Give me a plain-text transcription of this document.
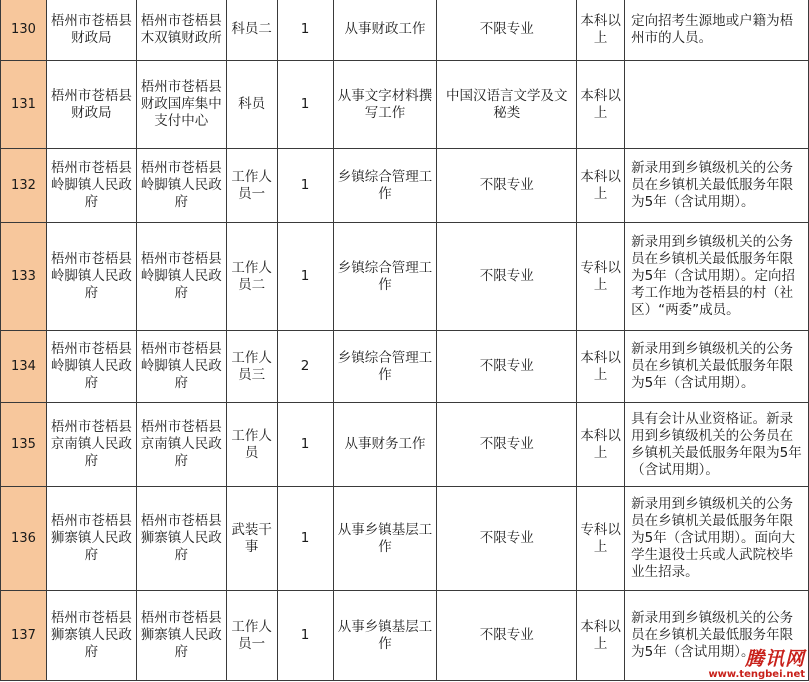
130	梧州市苍梧县财政局	梧州市苍梧县木双镇财政所	科员二	1	从事财政工作	不限专业	本科以上	定向招考生源地或户籍为梧州市的人员。
131	梧州市苍梧县财政局	梧州市苍梧县财政国库集中支付中心	科员	1	从事文字材料撰写工作	中国汉语言文学及文秘类	本科以上	
132	梧州市苍梧县岭脚镇人民政府	梧州市苍梧县岭脚镇人民政府	工作人员一	1	乡镇综合管理工作	不限专业	本科以上	新录用到乡镇级机关的公务员在乡镇机关最低服务年限为5年（含试用期）。
133	梧州市苍梧县岭脚镇人民政府	梧州市苍梧县岭脚镇人民政府	工作人员二	1	乡镇综合管理工作	不限专业	专科以上	新录用到乡镇级机关的公务员在乡镇机关最低服务年限为5年（含试用期）。定向招考工作地为苍梧县的村（社区）“两委”成员。
134	梧州市苍梧县岭脚镇人民政府	梧州市苍梧县岭脚镇人民政府	工作人员三	2	乡镇综合管理工作	不限专业	本科以上	新录用到乡镇级机关的公务员在乡镇机关最低服务年限为5年（含试用期）。
135	梧州市苍梧县京南镇人民政府	梧州市苍梧县京南镇人民政府	工作人员	1	从事财务工作	不限专业	本科以上	具有会计从业资格证。新录用到乡镇级机关的公务员在乡镇机关最低服务年限为5年（含试用期）。
136	梧州市苍梧县狮寨镇人民政府	梧州市苍梧县狮寨镇人民政府	武装干事	1	从事乡镇基层工作	不限专业	专科以上	新录用到乡镇级机关的公务员在乡镇机关最低服务年限为5年（含试用期）。面向大学生退役士兵或人武院校毕业生招录。
137	梧州市苍梧县狮寨镇人民政府	梧州市苍梧县狮寨镇人民政府	工作人员一	1	从事乡镇基层工作	不限专业	本科以上	新录用到乡镇级机关的公务员在乡镇机关最低服务年限为5年（含试用期）。
腾讯网
www.tengbei.net
